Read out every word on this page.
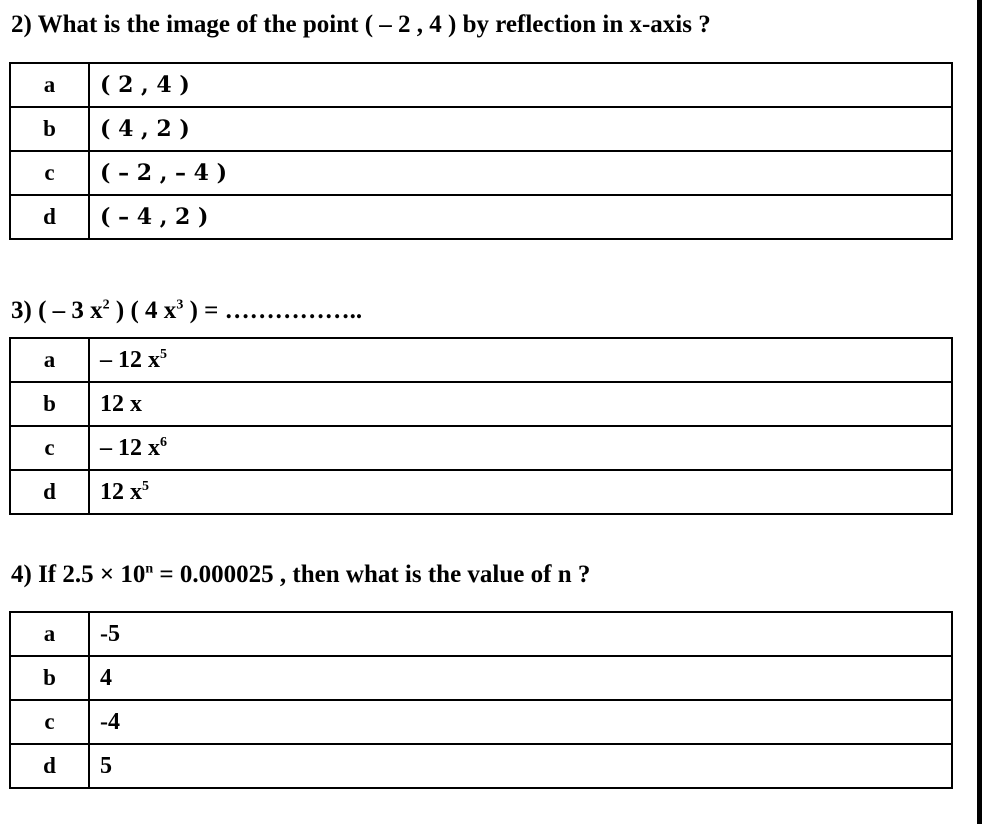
2) What is the image of the point ( – 2 , 4 ) by reflection in x-axis ?
a	( 2 , 4 )
b	( 4 , 2 )
c	( – 2 , – 4 )
d	( – 4 , 2 )
3) ( – 3 $x^2$ ) ( 4 $x^3$ ) = ……………..
a	– 12 $x^5$
b	12 x
c	– 12 $x^6$
d	12 $x^5$
4) If $2.5 \times 10^n = 0.000025$ , then what is the value of n ?
a	-5
b	4
c	-4
d	5
